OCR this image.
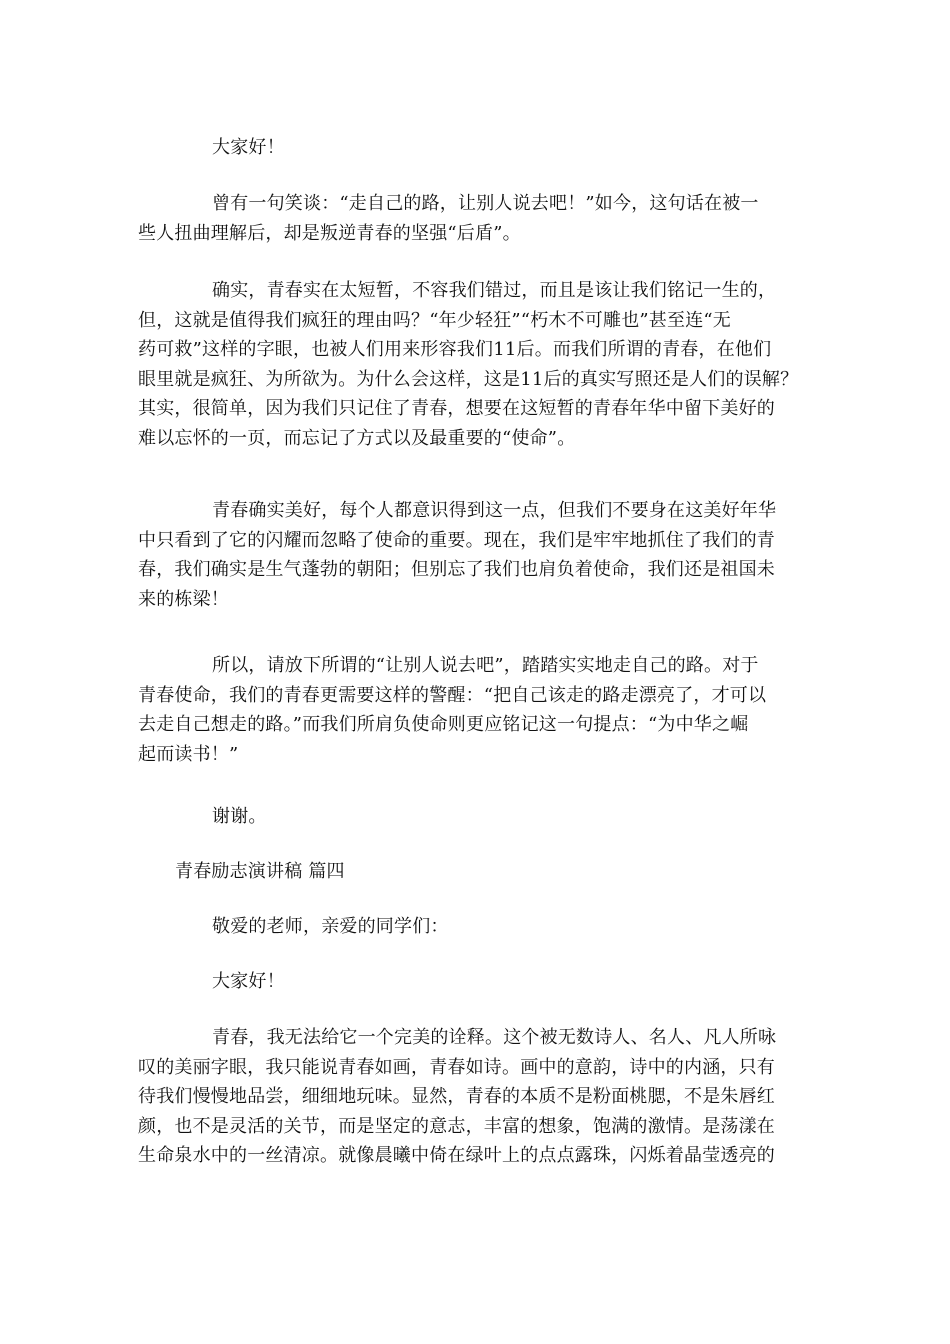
大家好！
曾有一句笑谈：“走自己的路，让别人说去吧！”如今，这句话在被一
些人扭曲理解后，却是叛逆青春的坚强“后盾”。
确实，青春实在太短暂，不容我们错过，而且是该让我们铭记一生的，
但，这就是值得我们疯狂的理由吗？“年少轻狂”“朽木不可雕也”甚至连“无
药可救”这样的字眼，也被人们用来形容我们11后。而我们所谓的青春，在他们
眼里就是疯狂、为所欲为。为什么会这样，这是11后的真实写照还是人们的误解？
其实，很简单，因为我们只记住了青春，想要在这短暂的青春年华中留下美好的
难以忘怀的一页，而忘记了方式以及最重要的“使命”。
青春确实美好，每个人都意识得到这一点，但我们不要身在这美好年华
中只看到了它的闪耀而忽略了使命的重要。现在，我们是牢牢地抓住了我们的青
春，我们确实是生气蓬勃的朝阳；但别忘了我们也肩负着使命，我们还是祖国未
来的栋梁！
所以，请放下所谓的“让别人说去吧”，踏踏实实地走自己的路。对于
青春使命，我们的青春更需要这样的警醒：“把自己该走的路走漂亮了，才可以
去走自己想走的路。”而我们所肩负使命则更应铭记这一句提点：“为中华之崛
起而读书！”
谢谢。
青春励志演讲稿 篇四
敬爱的老师，亲爱的同学们：
大家好！
青春，我无法给它一个完美的诠释。这个被无数诗人、名人、凡人所咏
叹的美丽字眼，我只能说青春如画，青春如诗。画中的意韵，诗中的内涵，只有
待我们慢慢地品尝，细细地玩味。显然，青春的本质不是粉面桃腮，不是朱唇红
颜，也不是灵活的关节，而是坚定的意志，丰富的想象，饱满的激情。是荡漾在
生命泉水中的一丝清凉。就像晨曦中倚在绿叶上的点点露珠，闪烁着晶莹透亮的
